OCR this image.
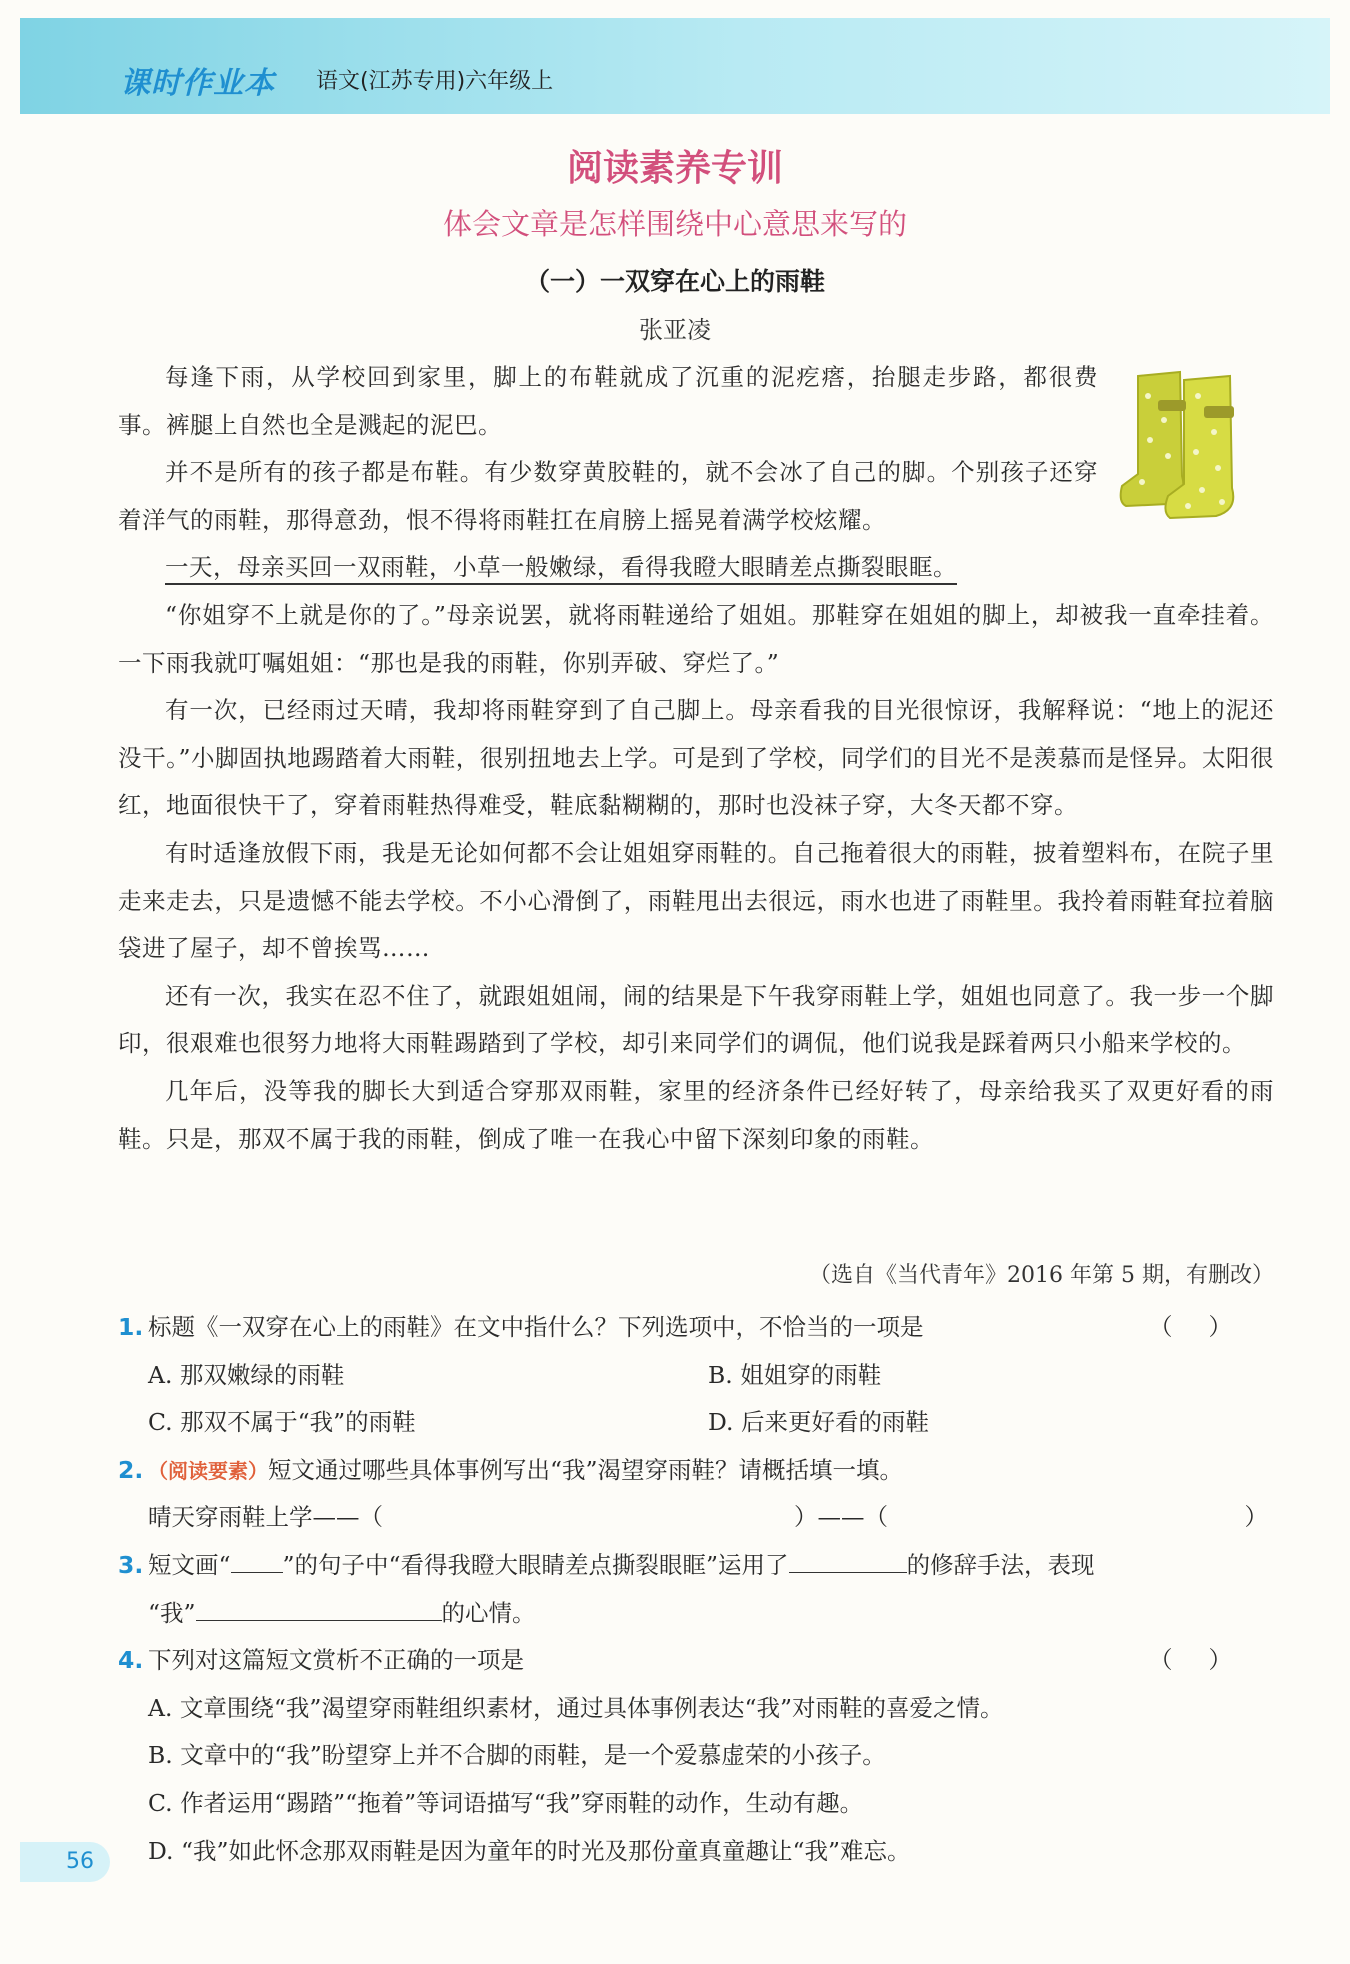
课时作业本 语文(江苏专用)六年级上
阅读素养专训
体会文章是怎样围绕中心意思来写的
（一）一双穿在心上的雨鞋
张亚凌

每逢下雨，从学校回到家里，脚上的布鞋就成了沉重的泥疙瘩，抬腿走步路，都很费事。裤腿上自然也全是溅起的泥巴。

并不是所有的孩子都是布鞋。有少数穿黄胶鞋的，就不会冰了自己的脚。个别孩子还穿着洋气的雨鞋，那得意劲，恨不得将雨鞋扛在肩膀上摇晃着满学校炫耀。

一天，母亲买回一双雨鞋，小草一般嫩绿，看得我瞪大眼睛差点撕裂眼眶。

“你姐穿不上就是你的了。”母亲说罢，就将雨鞋递给了姐姐。那鞋穿在姐姐的脚上，却被我一直牵挂着。一下雨我就叮嘱姐姐：“那也是我的雨鞋，你别弄破、穿烂了。”

有一次，已经雨过天晴，我却将雨鞋穿到了自己脚上。母亲看我的目光很惊讶，我解释说：“地上的泥还没干。”小脚固执地踢踏着大雨鞋，很别扭地去上学。可是到了学校，同学们的目光不是羡慕而是怪异。太阳很红，地面很快干了，穿着雨鞋热得难受，鞋底黏糊糊的，那时也没袜子穿，大冬天都不穿。

有时适逢放假下雨，我是无论如何都不会让姐姐穿雨鞋的。自己拖着很大的雨鞋，披着塑料布，在院子里走来走去，只是遗憾不能去学校。不小心滑倒了，雨鞋甩出去很远，雨水也进了雨鞋里。我拎着雨鞋耷拉着脑袋进了屋子，却不曾挨骂……

还有一次，我实在忍不住了，就跟姐姐闹，闹的结果是下午我穿雨鞋上学，姐姐也同意了。我一步一个脚印，很艰难也很努力地将大雨鞋踢踏到了学校，却引来同学们的调侃，他们说我是踩着两只小船来学校的。

几年后，没等我的脚长大到适合穿那双雨鞋，家里的经济条件已经好转了，母亲给我买了双更好看的雨鞋。只是，那双不属于我的雨鞋，倒成了唯一在我心中留下深刻印象的雨鞋。

（选自《当代青年》2016 年第 5 期，有删改）
1. 标题《一双穿在心上的雨鞋》在文中指什么？下列选项中，不恰当的一项是	（）
A. 那双嫩绿的雨鞋	B. 姐姐穿的雨鞋
C. 那双不属于“我”的雨鞋	D. 后来更好看的雨鞋
2. （阅读要素）短文通过哪些具体事例写出“我”渴望穿雨鞋？请概括填一填。
晴天穿雨鞋上学——（	）——（	）
3. 短文画“ ”的句子中“看得我瞪大眼睛差点撕裂眼眶”运用了	的修辞手法，表现
“我”	的心情。
4. 下列对这篇短文赏析不正确的一项是	（）
A. 文章围绕“我”渴望穿雨鞋组织素材，通过具体事例表达“我”对雨鞋的喜爱之情。
B. 文章中的“我”盼望穿上并不合脚的雨鞋，是一个爱慕虚荣的小孩子。
C. 作者运用“踢踏”“拖着”等词语描写“我”穿雨鞋的动作，生动有趣。
D. “我”如此怀念那双雨鞋是因为童年的时光及那份童真童趣让“我”难忘。
56
